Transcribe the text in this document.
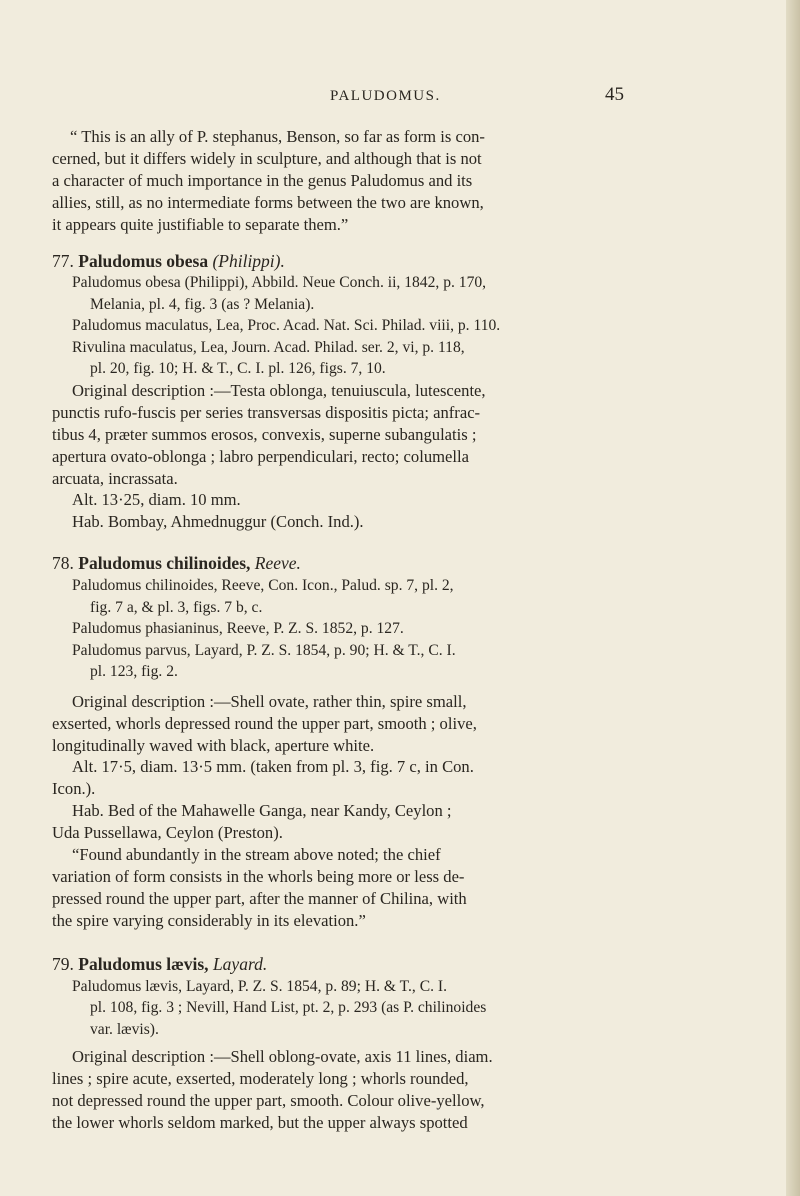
PALUDOMUS.	45

“ This is an ally of P. stephanus, Benson, so far as form is con-
cerned, but it differs widely in sculpture, and although that is not
a character of much importance in the genus Paludomus and its
allies, still, as no intermediate forms between the two are known,
it appears quite justifiable to separate them.”

77. Paludomus obesa (Philippi).
Paludomus obesa (Philippi), Abbild. Neue Conch. ii, 1842, p. 170,
Melania, pl. 4, fig. 3 (as ? Melania).
Paludomus maculatus, Lea, Proc. Acad. Nat. Sci. Philad. viii, p. 110.
Rivulina maculatus, Lea, Journ. Acad. Philad. ser. 2, vi, p. 118,
pl. 20, fig. 10; H. & T., C. I. pl. 126, figs. 7, 10.
Original description :—Testa oblonga, tenuiuscula, lutescente,
punctis rufo-fuscis per series transversas dispositis picta; anfrac-
tibus 4, præter summos erosos, convexis, superne subangulatis ;
apertura ovato-oblonga ; labro perpendiculari, recto; columella
arcuata, incrassata.
Alt. 13·25, diam. 10 mm.
Hab. Bombay, Ahmednuggur (Conch. Ind.).
78. Paludomus chilinoides, Reeve.
Paludomus chilinoides, Reeve, Con. Icon., Palud. sp. 7, pl. 2,
fig. 7 a, & pl. 3, figs. 7 b, c.
Paludomus phasianinus, Reeve, P. Z. S. 1852, p. 127.
Paludomus parvus, Layard, P. Z. S. 1854, p. 90; H. & T., C. I.
pl. 123, fig. 2.
Original description :—Shell ovate, rather thin, spire small,
exserted, whorls depressed round the upper part, smooth ; olive,
longitudinally waved with black, aperture white.
Alt. 17·5, diam. 13·5 mm. (taken from pl. 3, fig. 7 c, in Con.
Icon.).
Hab. Bed of the Mahawelle Ganga, near Kandy, Ceylon ;
Uda Pussellawa, Ceylon (Preston).
“Found abundantly in the stream above noted; the chief
variation of form consists in the whorls being more or less de-
pressed round the upper part, after the manner of Chilina, with
the spire varying considerably in its elevation.”
79. Paludomus lævis, Layard.
Paludomus lævis, Layard, P. Z. S. 1854, p. 89; H. & T., C. I.
pl. 108, fig. 3 ; Nevill, Hand List, pt. 2, p. 293 (as P. chilinoides
var. lævis).
Original description :—Shell oblong-ovate, axis 11 lines, diam.
lines ; spire acute, exserted, moderately long ; whorls rounded,
not depressed round the upper part, smooth. Colour olive-yellow,
the lower whorls seldom marked, but the upper always spotted
